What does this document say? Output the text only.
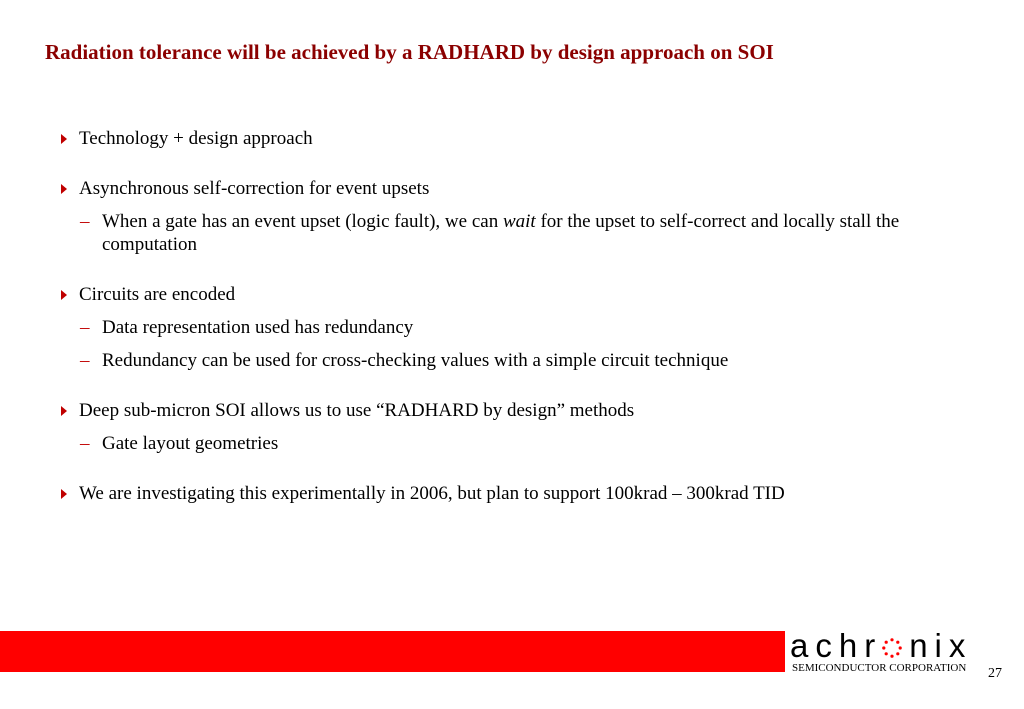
Radiation tolerance will be achieved by a RADHARD by design approach on SOI
Technology + design approach
Asynchronous self-correction for event upsets
– When a gate has an event upset (logic fault), we can wait for the upset to self-correct and locally stall the computation
Circuits are encoded
– Data representation used has redundancy
– Redundancy can be used for cross-checking values with a simple circuit technique
Deep sub-micron SOI allows us to use “RADHARD by design” methods
– Gate layout geometries
We are investigating this experimentally in 2006, but plan to support 100krad – 300krad TID
achr nix
SEMICONDUCTOR CORPORATION 27
